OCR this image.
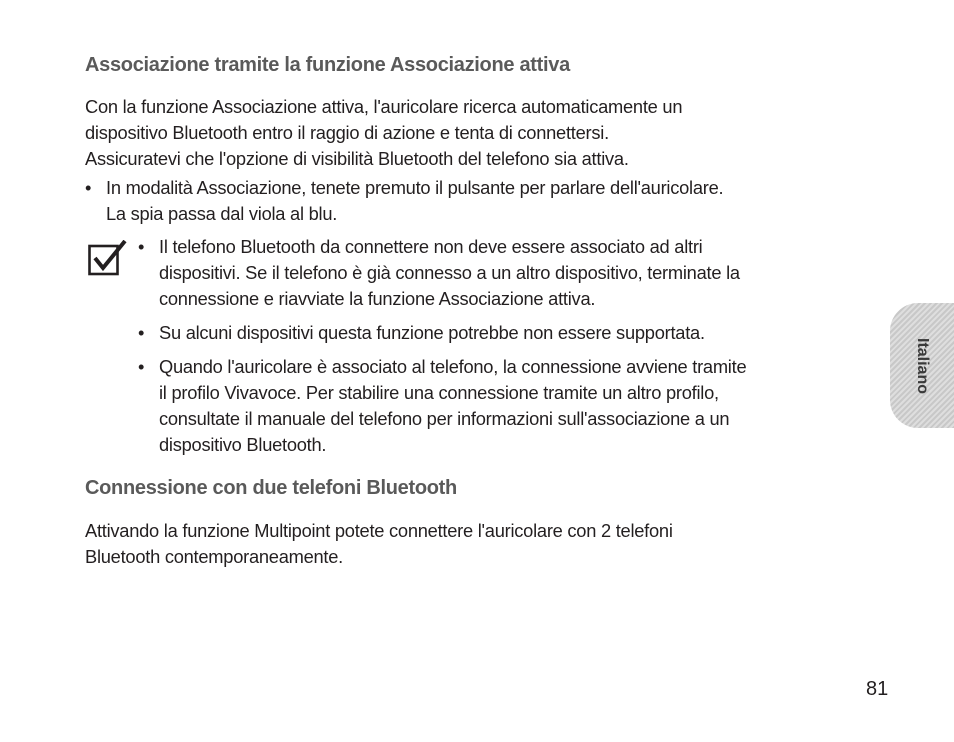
Associazione tramite la funzione Associazione attiva

Con la funzione Associazione attiva, l'auricolare ricerca automaticamente un
dispositivo Bluetooth entro il raggio di azione e tenta di connettersi.
Assicuratevi che l'opzione di visibilità Bluetooth del telefono sia attiva.

• In modalità Associazione, tenete premuto il pulsante per parlare dell'auricolare.
La spia passa dal viola al blu.
• Il telefono Bluetooth da connettere non deve essere associato ad altri
dispositivi. Se il telefono è già connesso a un altro dispositivo, terminate la
connessione e riavviate la funzione Associazione attiva.
• Su alcuni dispositivi questa funzione potrebbe non essere supportata.
• Quando l'auricolare è associato al telefono, la connessione avviene tramite
il profilo Vivavoce. Per stabilire una connessione tramite un altro profilo,
consultate il manuale del telefono per informazioni sull'associazione a un
dispositivo Bluetooth.
Connessione con due telefoni Bluetooth

Attivando la funzione Multipoint potete connettere l'auricolare con 2 telefoni
Bluetooth contemporaneamente.

Italiano
81
